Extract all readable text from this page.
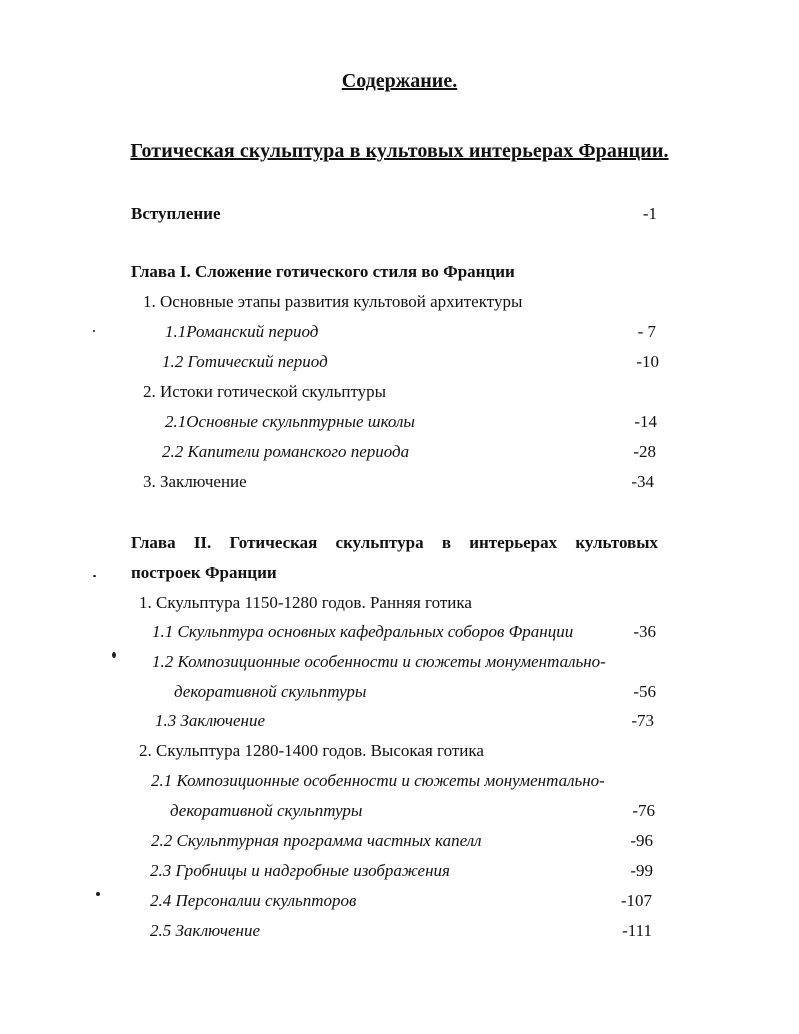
Содержание.
Готическая скульптура в культовых интерьерах Франции.
Вступление	-1
Глава I. Сложение готического стиля во Франции
1. Основные этапы развития культовой архитектуры
1.1Романский период	- 7
1.2 Готический период	-10
2. Истоки готической скульптуры
2.1Основные скульптурные школы	-14
2.2 Капители романского периода	-28
3. Заключение	-34
Глава II. Готическая скульптура в интерьерах культовых
построек Франции
1. Скульптура 1150-1280 годов. Ранняя готика
1.1 Скульптура основных кафедральных соборов Франции	-36
1.2 Композиционные особенности и сюжеты монументально-
декоративной скульптуры	-56
1.3 Заключение	-73
2. Скульптура 1280-1400 годов. Высокая готика
2.1 Композиционные особенности и сюжеты монументально-
декоративной скульптуры	-76
2.2 Скульптурная программа частных капелл	-96
2.3 Гробницы и надгробные изображения	-99
2.4 Персоналии скульпторов	-107
2.5 Заключение	-111
